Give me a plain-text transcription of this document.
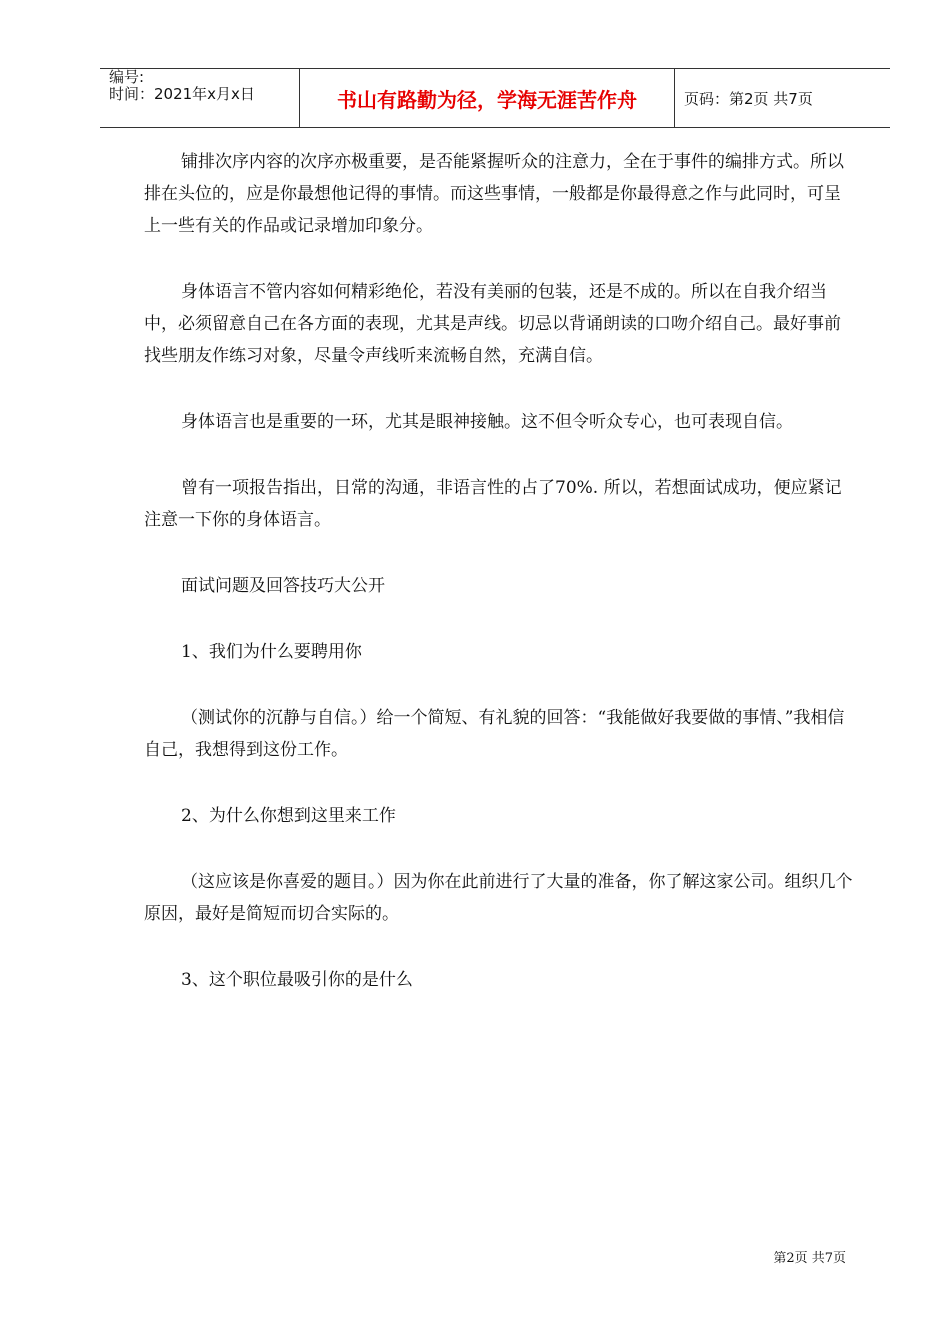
编号:
时间：2021年x月x日	书山有路勤为径，学海无涯苦作舟	页码：第2页 共7页

铺排次序内容的次序亦极重要，是否能紧握听众的注意力，全在于事件的编排方式。所以排在头位的，应是你最想他记得的事情。而这些事情，一般都是你最得意之作与此同时，可呈上一些有关的作品或记录增加印象分。

身体语言不管内容如何精彩绝伦，若没有美丽的包装，还是不成的。所以在自我介绍当中，必须留意自己在各方面的表现，尤其是声线。切忌以背诵朗读的口吻介绍自己。最好事前找些朋友作练习对象，尽量令声线听来流畅自然，充满自信。

身体语言也是重要的一环，尤其是眼神接触。这不但令听众专心，也可表现自信。

曾有一项报告指出，日常的沟通，非语言性的占了70%. 所以，若想面试成功，便应紧记注意一下你的身体语言。

面试问题及回答技巧大公开

1、我们为什么要聘用你

（测试你的沉静与自信。）给一个简短、有礼貌的回答：“我能做好我要做的事情、”我相信自己，我想得到这份工作。

2、为什么你想到这里来工作

（这应该是你喜爱的题目。）因为你在此前进行了大量的准备，你了解这家公司。组织几个原因，最好是简短而切合实际的。

3、这个职位最吸引你的是什么

第2页 共7页
